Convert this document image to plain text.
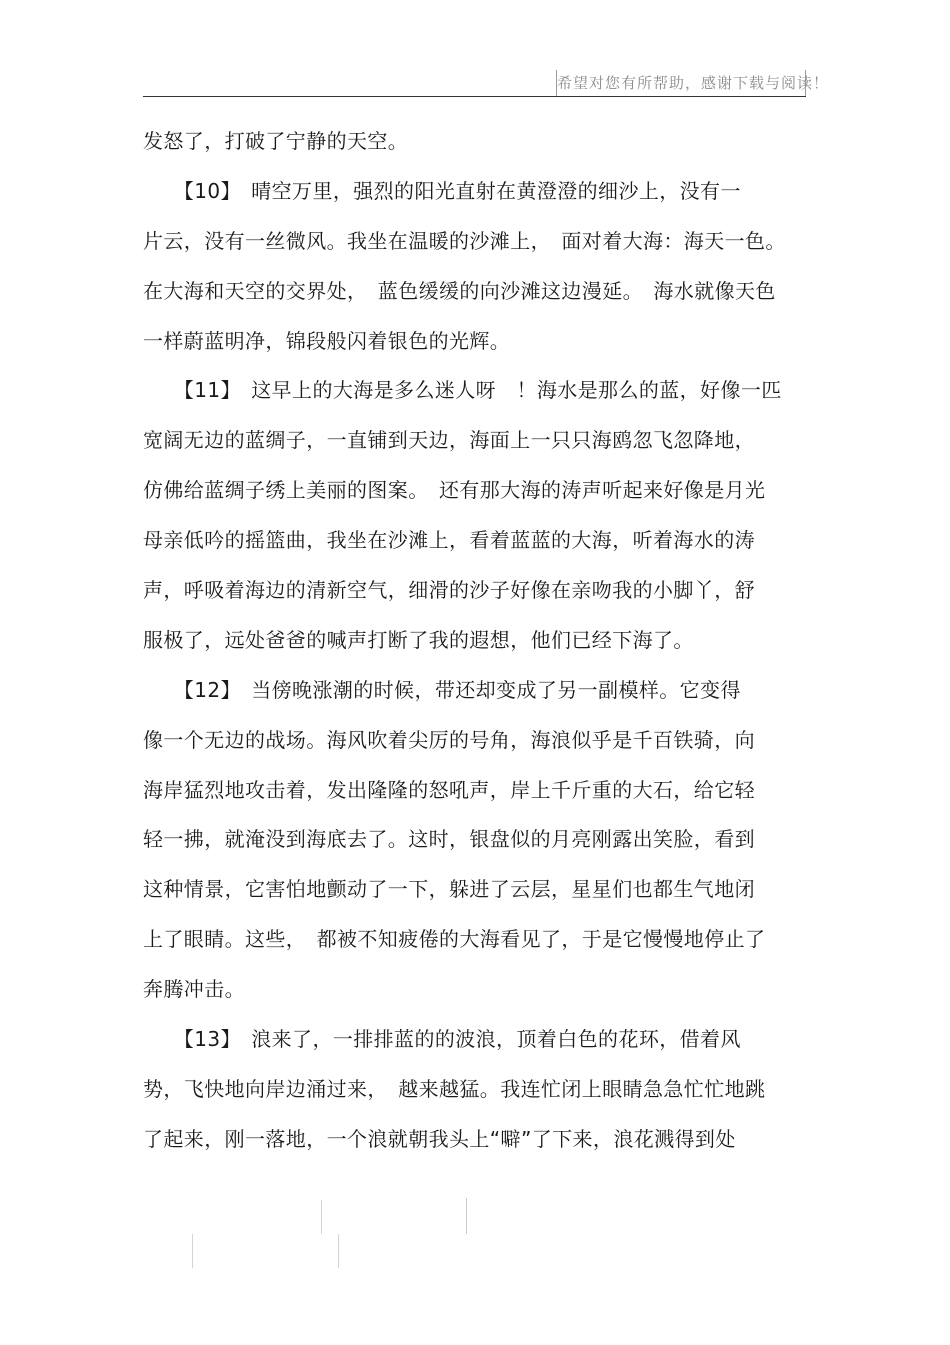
希望对您有所帮助，感谢下载与阅读！
发怒了，打破了宁静的天空。
　　【10】　晴空万里，强烈的阳光直射在黄澄澄的细沙上，没有一
片云，没有一丝微风。我坐在温暖的沙滩上，　面对着大海：海天一色。
在大海和天空的交界处，　蓝色缓缓的向沙滩这边漫延。　海水就像天色
一样蔚蓝明净，锦段般闪着银色的光辉。
　　【11】　这早上的大海是多么迷人呀　！海水是那么的蓝，好像一匹
宽阔无边的蓝绸子，一直铺到天边，海面上一只只海鸥忽飞忽降地，
仿佛给蓝绸子绣上美丽的图案。　还有那大海的涛声听起来好像是月光
母亲低吟的摇篮曲，我坐在沙滩上，看着蓝蓝的大海，听着海水的涛
声，呼吸着海边的清新空气，细滑的沙子好像在亲吻我的小脚丫，舒
服极了，远处爸爸的喊声打断了我的遐想，他们已经下海了。
　　【12】　当傍晚涨潮的时候，带还却变成了另一副模样。它变得
像一个无边的战场。海风吹着尖厉的号角，海浪似乎是千百铁骑，向
海岸猛烈地攻击着，发出隆隆的怒吼声，岸上千斤重的大石，给它轻
轻一拂，就淹没到海底去了。这时，银盘似的月亮刚露出笑脸，看到
这种情景，它害怕地颤动了一下，躲进了云层，星星们也都生气地闭
上了眼睛。这些，　都被不知疲倦的大海看见了，于是它慢慢地停止了
奔腾冲击。
　　【13】　浪来了，一排排蓝的的波浪，顶着白色的花环，借着风
势，飞快地向岸边涌过来，　越来越猛。我连忙闭上眼睛急急忙忙地跳
了起来，刚一落地，一个浪就朝我头上“噼”了下来，浪花溅得到处
